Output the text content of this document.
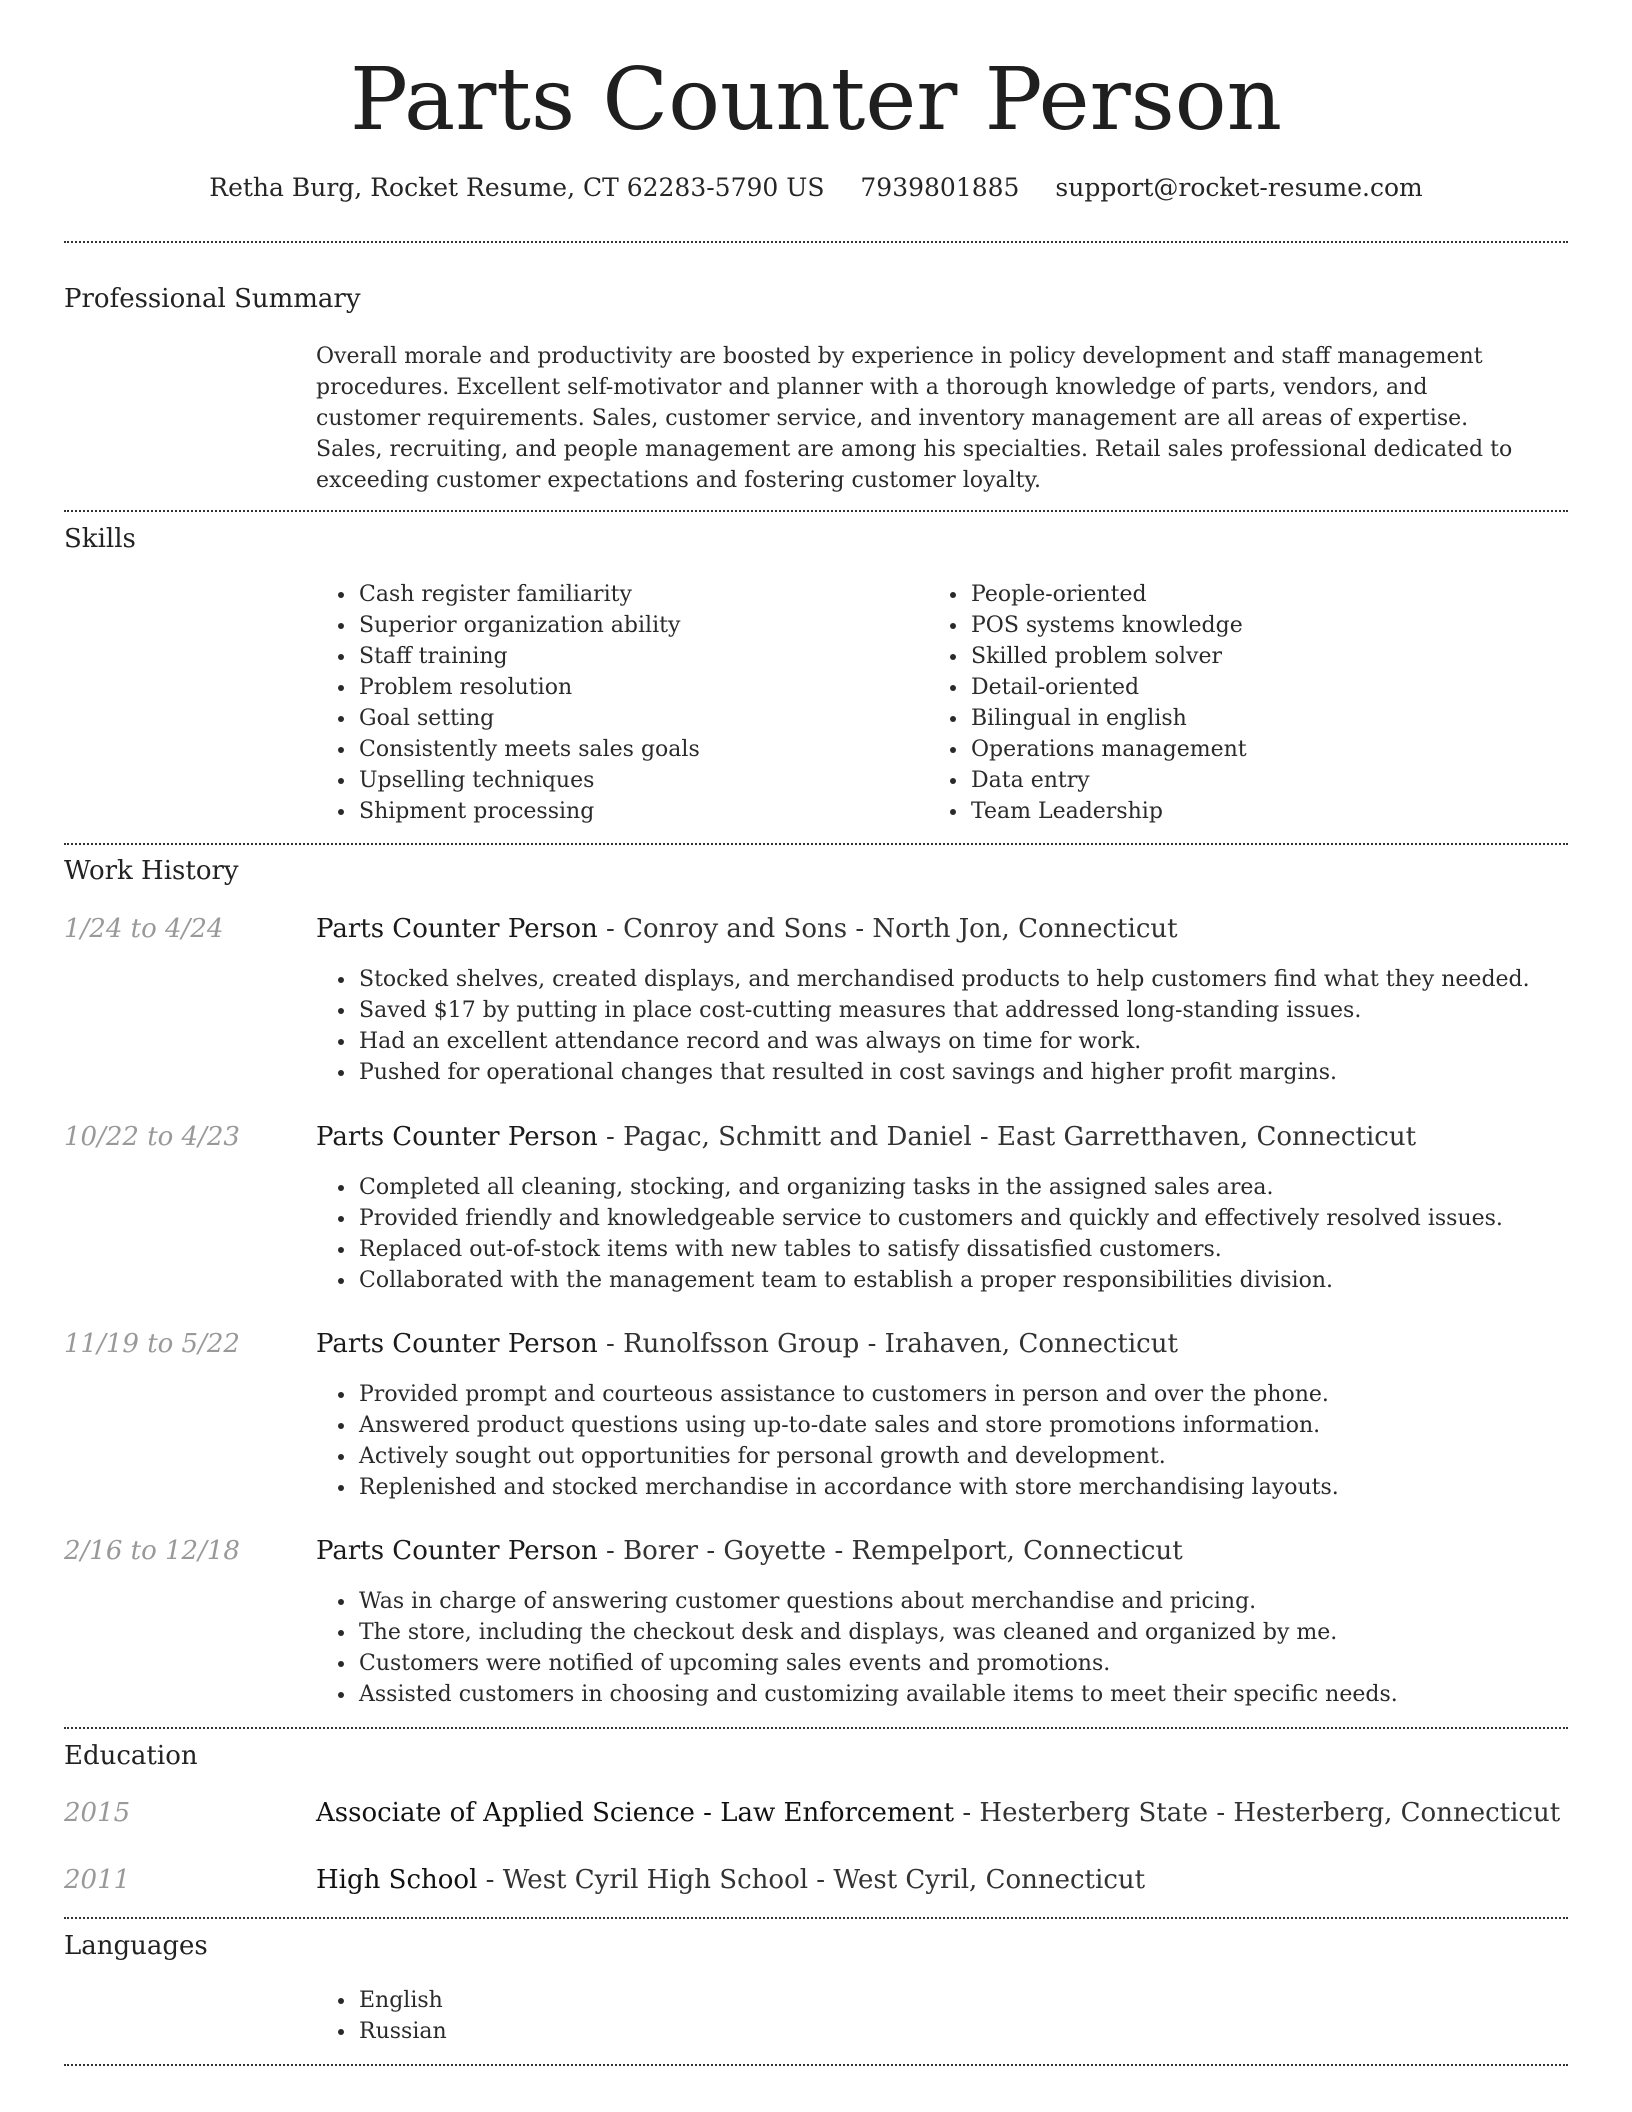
Parts Counter Person
Retha Burg, Rocket Resume, CT 62283-5790 US 7939801885 support@rocket-resume.com
Professional Summary

Overall morale and productivity are boosted by experience in policy development and staff management procedures. Excellent self-motivator and planner with a thorough knowledge of parts, vendors, and customer requirements. Sales, customer service, and inventory management are all areas of expertise. Sales, recruiting, and people management are among his specialties. Retail sales professional dedicated to exceeding customer expectations and fostering customer loyalty.

Skills
• Cash register familiarity
• Superior organization ability
• Staff training
• Problem resolution
• Goal setting
• Consistently meets sales goals
• Upselling techniques
• Shipment processing
• People-oriented
• POS systems knowledge
• Skilled problem solver
• Detail-oriented
• Bilingual in english
• Operations management
• Data entry
• Team Leadership
Work History
1/24 to 4/24	Parts Counter Person - Conroy and Sons - North Jon, Connecticut
• Stocked shelves, created displays, and merchandised products to help customers find what they needed.
• Saved $17 by putting in place cost-cutting measures that addressed long-standing issues.
• Had an excellent attendance record and was always on time for work.
• Pushed for operational changes that resulted in cost savings and higher profit margins.
10/22 to 4/23	Parts Counter Person - Pagac, Schmitt and Daniel - East Garretthaven, Connecticut
• Completed all cleaning, stocking, and organizing tasks in the assigned sales area.
• Provided friendly and knowledgeable service to customers and quickly and effectively resolved issues.
• Replaced out-of-stock items with new tables to satisfy dissatisfied customers.
• Collaborated with the management team to establish a proper responsibilities division.
11/19 to 5/22	Parts Counter Person - Runolfsson Group - Irahaven, Connecticut
• Provided prompt and courteous assistance to customers in person and over the phone.
• Answered product questions using up-to-date sales and store promotions information.
• Actively sought out opportunities for personal growth and development.
• Replenished and stocked merchandise in accordance with store merchandising layouts.
2/16 to 12/18	Parts Counter Person - Borer - Goyette - Rempelport, Connecticut
• Was in charge of answering customer questions about merchandise and pricing.
• The store, including the checkout desk and displays, was cleaned and organized by me.
• Customers were notified of upcoming sales events and promotions.
• Assisted customers in choosing and customizing available items to meet their specific needs.
Education
2015	Associate of Applied Science - Law Enforcement - Hesterberg State - Hesterberg, Connecticut
2011	High School - West Cyril High School - West Cyril, Connecticut
Languages
• English
• Russian
